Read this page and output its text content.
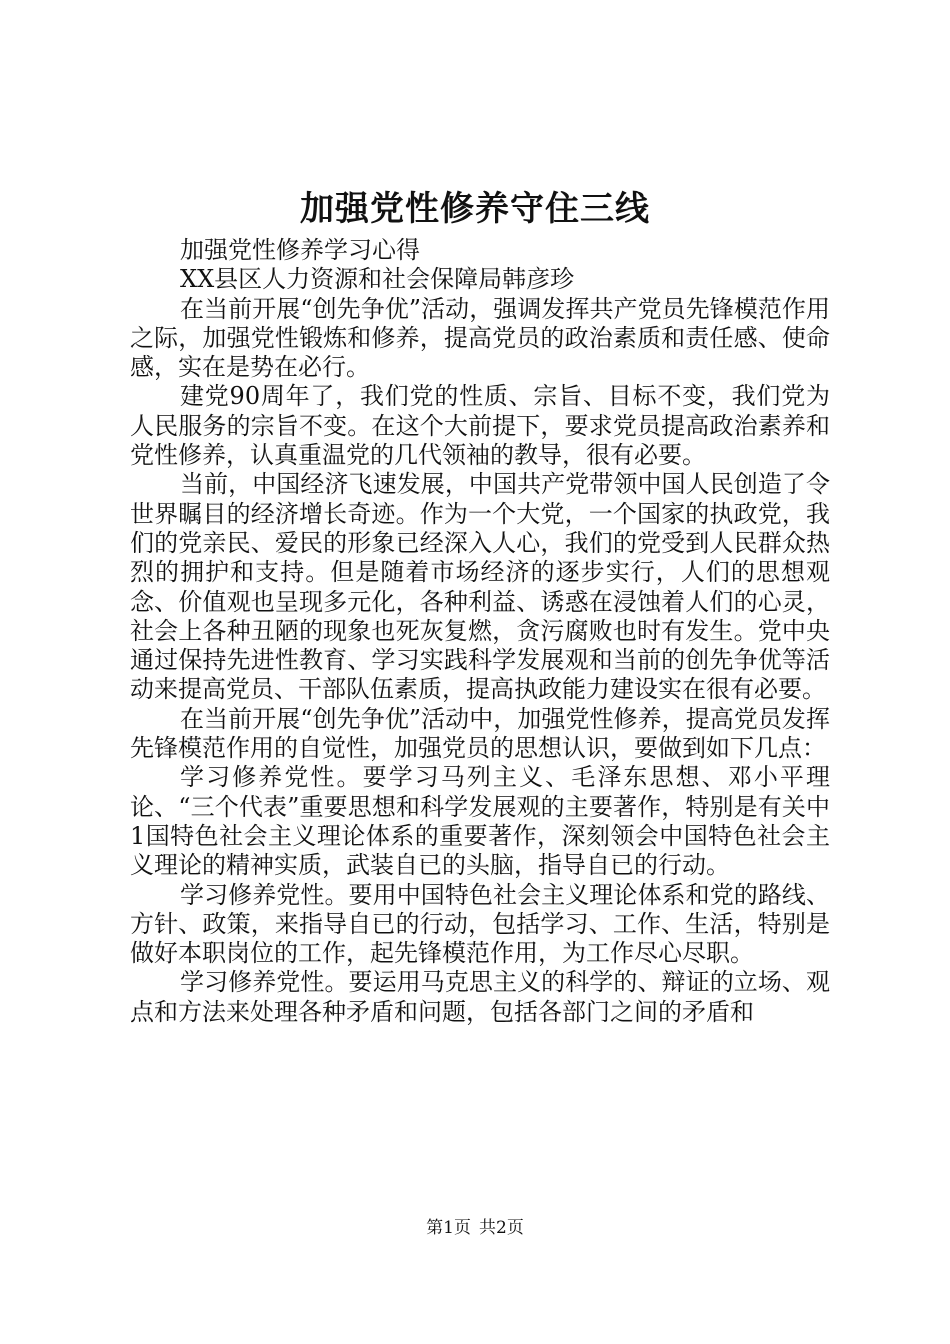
加强党性修养守住三线

加强党性修养学习心得

XX县区人力资源和社会保障局韩彦珍

在当前开展“创先争优”活动，强调发挥共产党员先锋模范作用之际，加强党性锻炼和修养，提高党员的政治素质和责任感、使命感，实在是势在必行。

建党90周年了，我们党的性质、宗旨、目标不变，我们党为人民服务的宗旨不变。在这个大前提下，要求党员提高政治素养和党性修养，认真重温党的几代领袖的教导，很有必要。

当前，中国经济飞速发展，中国共产党带领中国人民创造了令世界瞩目的经济增长奇迹。作为一个大党，一个国家的执政党，我们的党亲民、爱民的形象已经深入人心，我们的党受到人民群众热烈的拥护和支持。但是随着市场经济的逐步实行，人们的思想观念、价值观也呈现多元化，各种利益、诱惑在浸蚀着人们的心灵，社会上各种丑陋的现象也死灰复燃，贪污腐败也时有发生。党中央通过保持先进性教育、学习实践科学发展观和当前的创先争优等活动来提高党员、干部队伍素质，提高执政能力建设实在很有必要。

在当前开展“创先争优”活动中，加强党性修养，提高党员发挥先锋模范作用的自觉性，加强党员的思想认识，要做到如下几点：

学习修养党性。要学习马列主义、毛泽东思想、邓小平理论、“三个代表”重要思想和科学发展观的主要著作，特别是有关中1国特色社会主义理论体系的重要著作，深刻领会中国特色社会主义理论的精神实质，武装自已的头脑，指导自已的行动。

学习修养党性。要用中国特色社会主义理论体系和党的路线、方针、政策，来指导自已的行动，包括学习、工作、生活，特别是做好本职岗位的工作，起先锋模范作用，为工作尽心尽职。

学习修养党性。要运用马克思主义的科学的、辩证的立场、观点和方法来处理各种矛盾和问题，包括各部门之间的矛盾和

第1页 共2页
